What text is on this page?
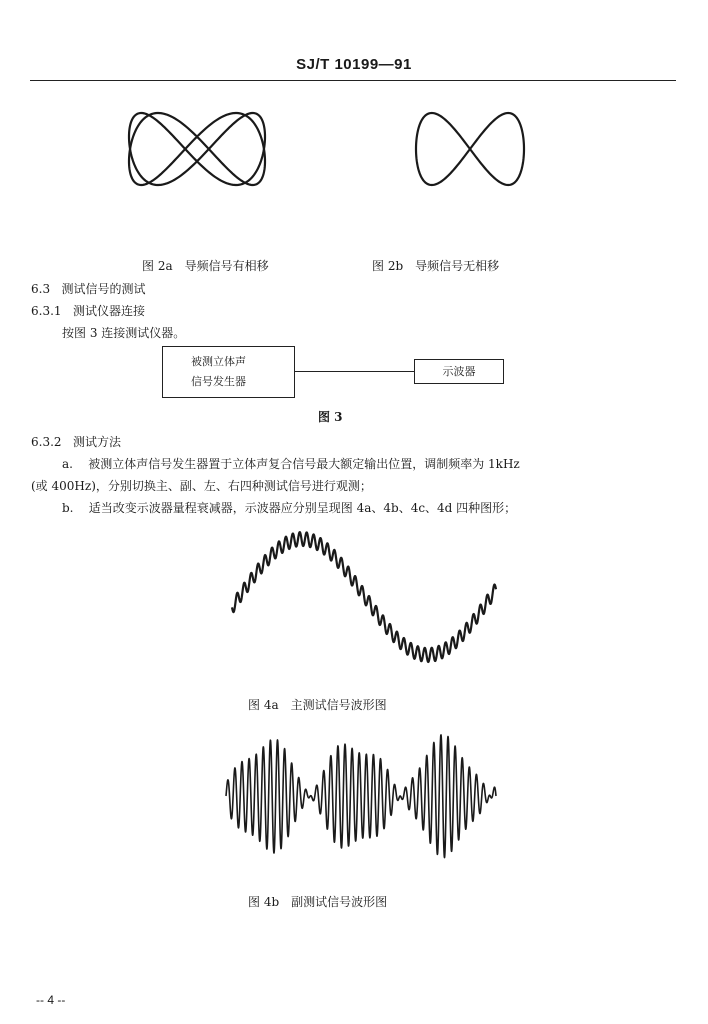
SJ/T 10199—91
图 2a　导频信号有相移	图 2b　导频信号无相移
6.3 测试信号的测试
6.3.1 测试仪器连接
按图 3 连接测试仪器。
被测立体声
信号发生器
示波器
图 3
6.3.2 测试方法
a. 被测立体声信号发生器置于立体声复合信号最大额定输出位置，调制频率为 1kHz
(或 400Hz)，分别切换主、副、左、右四种测试信号进行观测；
b. 适当改变示波器量程衰减器，示波器应分别呈现图 4a、4b、4c、4d 四种图形；
图 4a　主测试信号波形图
图 4b　副测试信号波形图
-- 4 --
